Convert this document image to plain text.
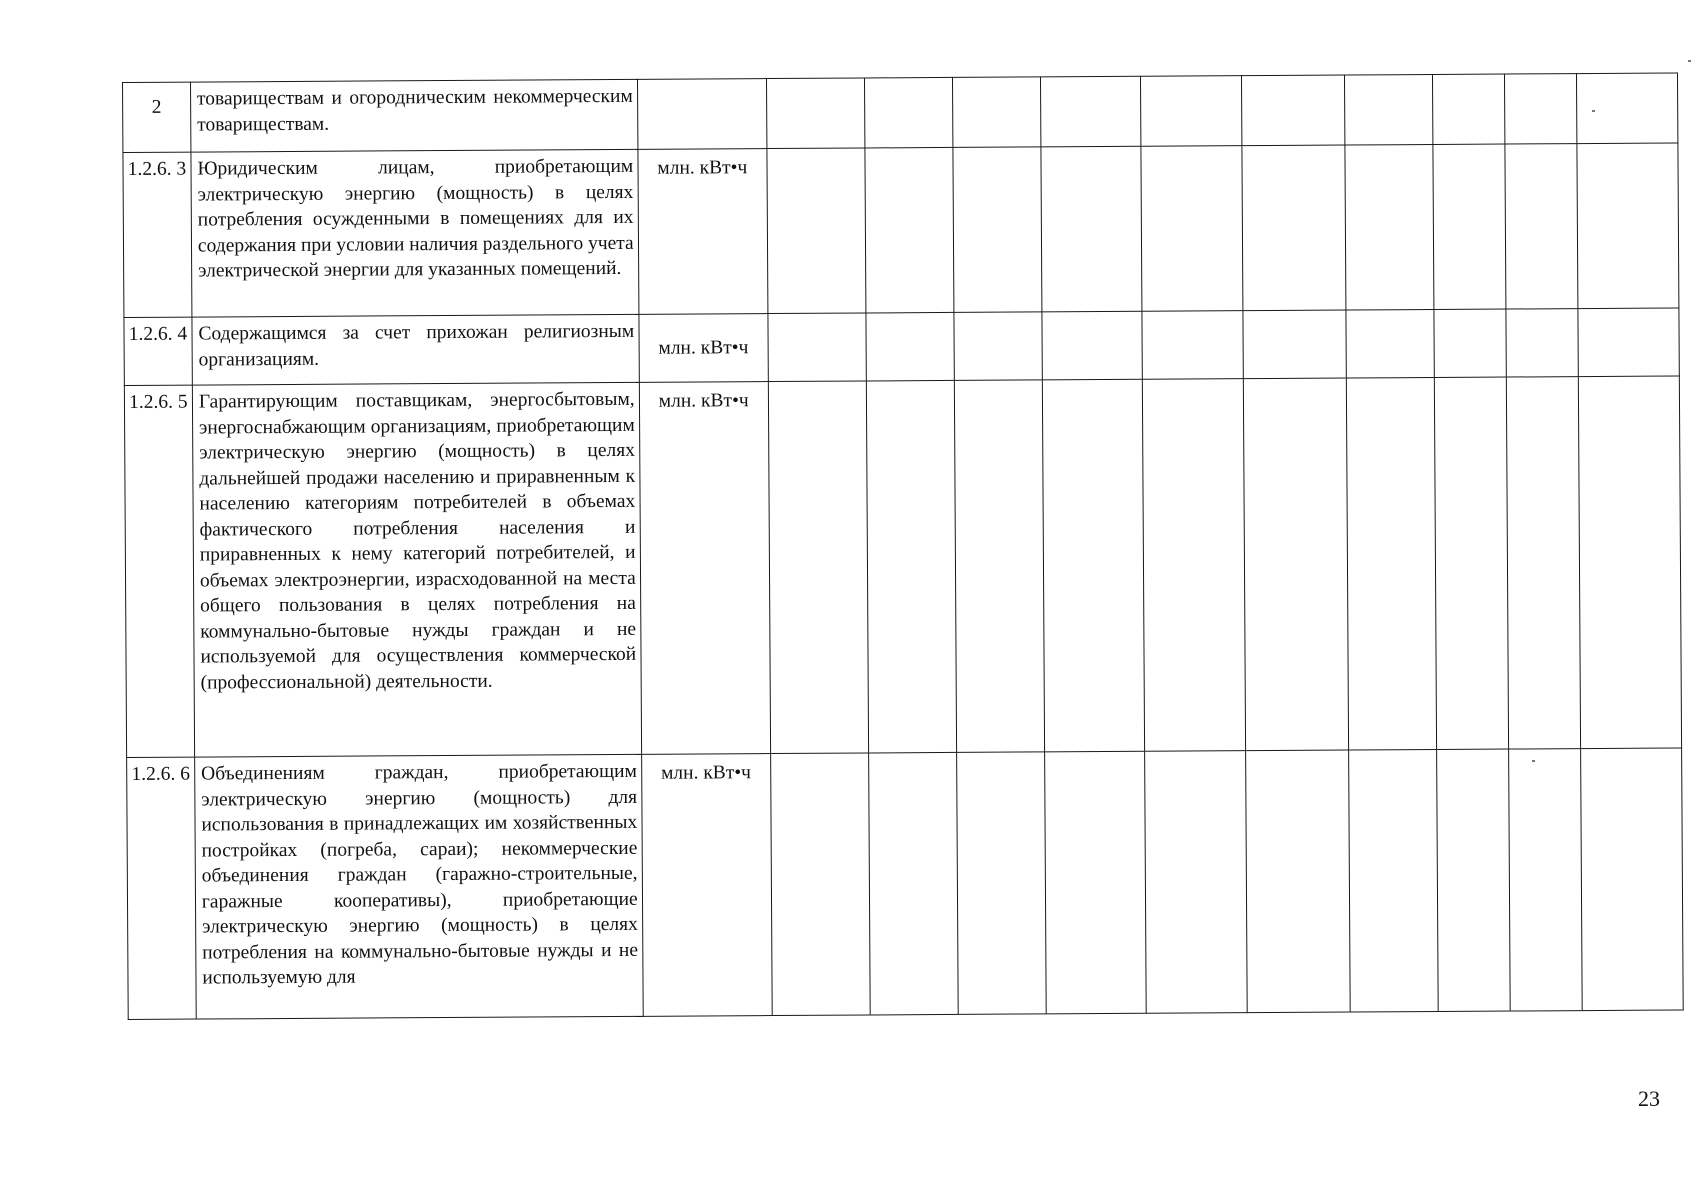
2	товариществам и огородническим некоммерческим товариществам.											
1.2.6. 3	Юридическим лицам, приобретающим электрическую энергию (мощность) в целях потребления осужденными в помещениях для их содержания при условии наличия раздельного учета электрической энергии для указанных помещений.	млн. кВт•ч										
1.2.6. 4	Содержащимся за счет прихожан религиозным организациям.	млн. кВт•ч										
1.2.6. 5	Гарантирующим поставщикам, энергосбытовым, энергоснабжающим организациям, приобретающим электрическую энергию (мощность) в целях дальнейшей продажи населению и приравненным к населению категориям потребителей в объемах фактического потребления населения и приравненных к нему категорий потребителей, и объемах электроэнергии, израсходованной на места общего пользования в целях потребления на коммунально-бытовые нужды граждан и не используемой для осуществления коммерческой (профессиональной) деятельности.	млн. кВт•ч										
1.2.6. 6	Объединениям граждан, приобретающим электрическую энергию (мощность) для использования в принадлежащих им хозяйственных постройках (погреба, сараи); некоммерческие объединения граждан (гаражно-строительные, гаражные кооперативы), приобретающие электрическую энергию (мощность) в целях потребления на коммунально-бытовые нужды и не используемую для	млн. кВт•ч										
23
